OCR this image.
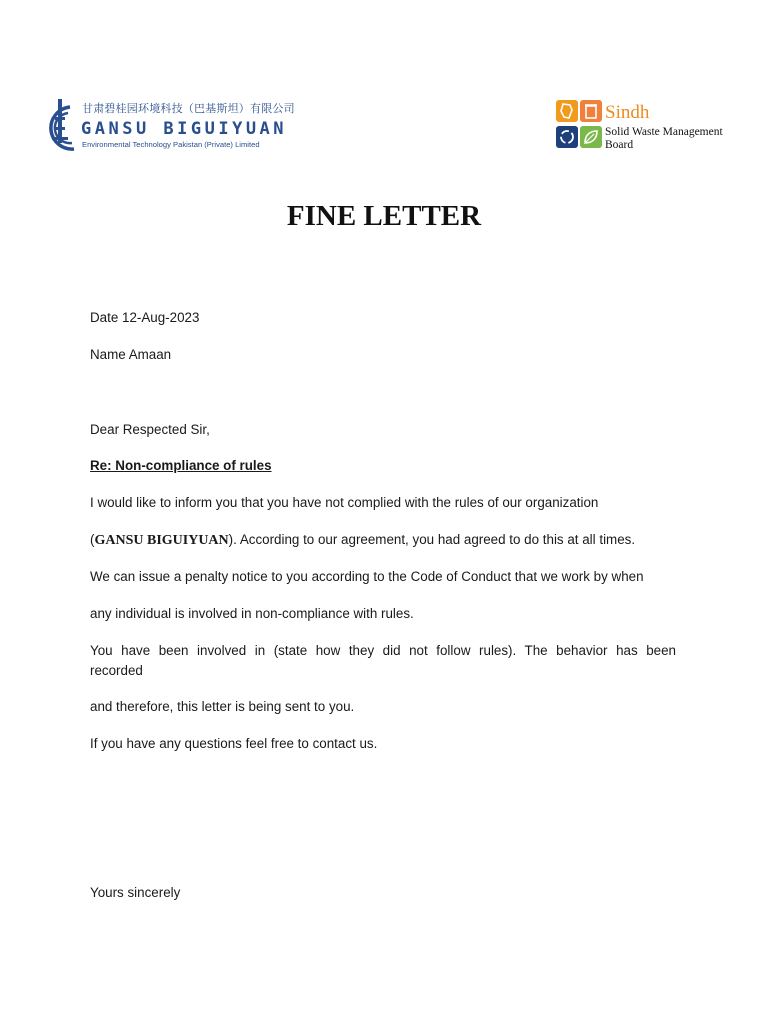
甘肃碧桂园环境科技（巴基斯坦）有限公司
GANSU BIGUIYUAN
Environmental Technology Pakistan (Private) Limited
Sindh
Solid Waste Management
Board
FINE LETTER
Date 12-Aug-2023
Name Amaan
Dear Respected Sir,
Re: Non-compliance of rules
I would like to inform you that you have not complied with the rules of our organization
(GANSU BIGUIYUAN). According to our agreement, you had agreed to do this at all times.
We can issue a penalty notice to you according to the Code of Conduct that we work by when
any individual is involved in non-compliance with rules.
You have been involved in (state how they did not follow rules). The behavior has been
recorded
and therefore, this letter is being sent to you.
If you have any questions feel free to contact us.
Yours sincerely
